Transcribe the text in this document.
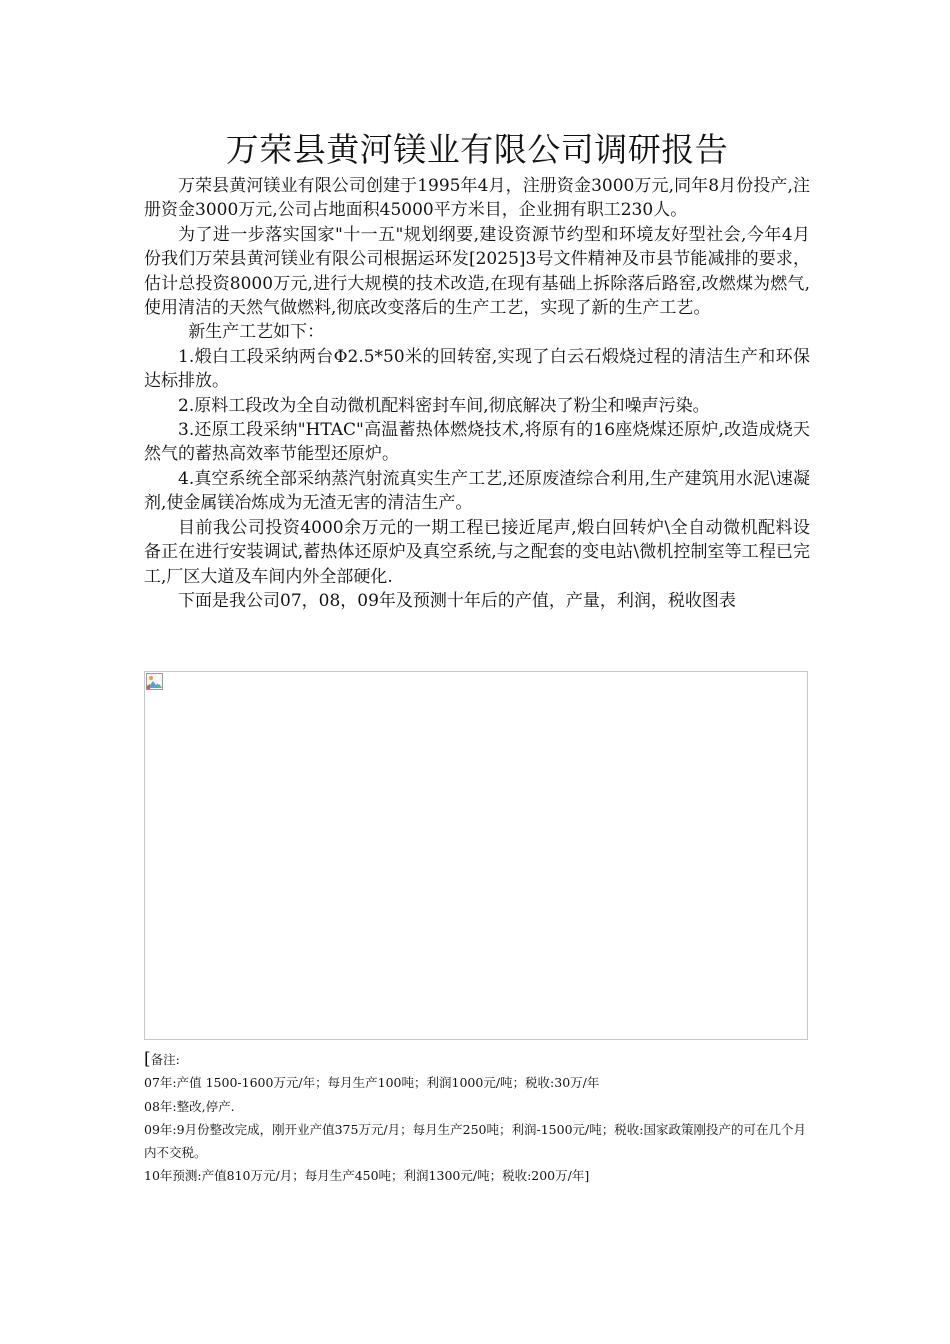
万荣县黄河镁业有限公司调研报告

万荣县黄河镁业有限公司创建于1995年4月，注册资金3000万元,同年8月份投产,注册资金3000万元,公司占地面积45000平方米目，企业拥有职工230人。

为了进一步落实国家"十一五"规划纲要,建设资源节约型和环境友好型社会,今年4月份我们万荣县黄河镁业有限公司根据运环发[2025]3号文件精神及市县节能减排的要求，估计总投资8000万元,进行大规模的技术改造,在现有基础上拆除落后路窑,改燃煤为燃气,使用清洁的天然气做燃料,彻底改变落后的生产工艺，实现了新的生产工艺。

新生产工艺如下：

1.煅白工段采纳两台Φ2.5*50米的回转窑,实现了白云石煅烧过程的清洁生产和环保达标排放。

2.原料工段改为全自动微机配料密封车间,彻底解决了粉尘和噪声污染。

3.还原工段采纳"HTAC"高温蓄热体燃烧技术,将原有的16座烧煤还原炉,改造成烧天然气的蓄热高效率节能型还原炉。

4.真空系统全部采纳蒸汽射流真实生产工艺,还原废渣综合利用,生产建筑用水泥\速凝剂,使金属镁冶炼成为无渣无害的清洁生产。

目前我公司投资4000余万元的一期工程已接近尾声,煅白回转炉\全自动微机配料设备正在进行安装调试,蓄热体还原炉及真空系统,与之配套的变电站\微机控制室等工程已完工,厂区大道及车间内外全部硬化.

下面是我公司07，08，09年及预测十年后的产值，产量，利润，税收图表

[备注:

07年:产值 1500-1600万元/年；每月生产100吨；利润1000元/吨；税收:30万/年

08年:整改,停产.

09年:9月份整改完成，刚开业产值375万元/月；每月生产250吨；利润-1500元/吨；税收:国家政策刚投产的可在几个月内不交税。

10年预测:产值810万元/月；每月生产450吨；利润1300元/吨；税收:200万/年]
